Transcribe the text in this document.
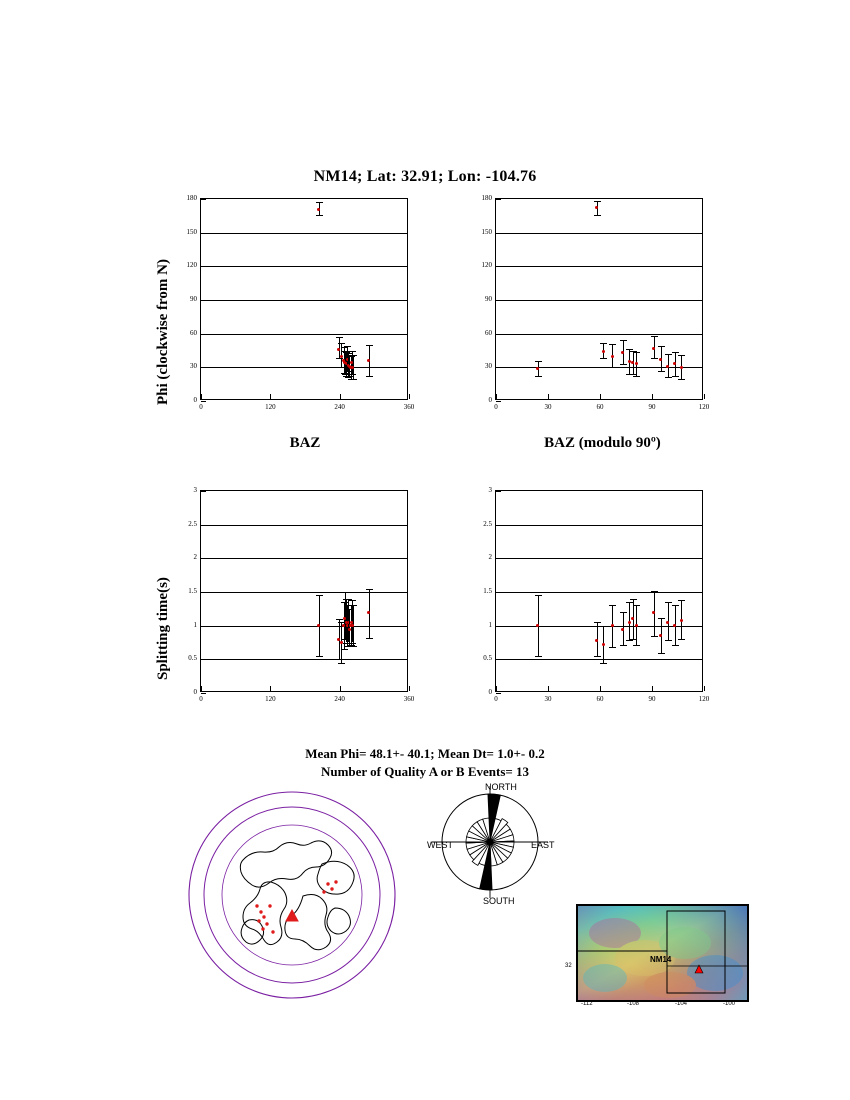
NM14; Lat: 32.91; Lon: -104.76
Phi (clockwise from N)
Splitting time(s)
BAZ	BAZ (modulo 90º)
0
30
60
90
120
150
180
0	120	240	360
0
30
60
90
120
150
180
0	30	60	90	120
0
0.5
1
1.5
2
2.5
3
0	120	240	360
0
0.5
1
1.5
2
2.5
3
0	30	60	90	120
Mean Phi= 48.1+- 40.1; Mean Dt= 1.0+- 0.2
Number of Quality A or B Events= 13
NORTH
SOUTH
EAST
WEST
NM14
-112	-108	-104	-100
32
